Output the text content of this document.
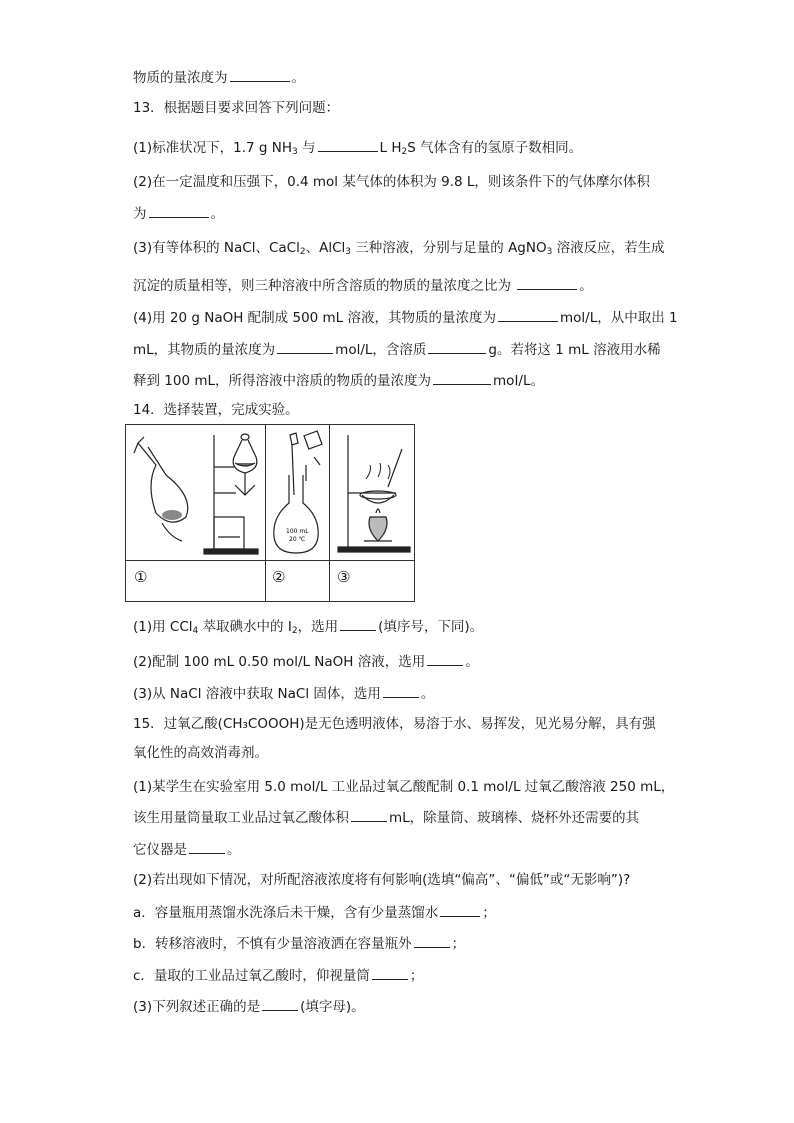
物质的量浓度为	。
13．根据题目要求回答下列问题：
(1)标准状况下，1.7 g $NH_3$ 与	L $H_2S$ 气体含有的氢原子数相同。
(2)在一定温度和压强下，0.4 mol 某气体的体积为 9.8 L，则该条件下的气体摩尔体积
为	。
(3)有等体积的 NaCl、CaCl$_2$、AlCl$_3$ 三种溶液，分别与足量的 AgNO$_3$ 溶液反应，若生成
沉淀的质量相等，则三种溶液中所含溶质的物质的量浓度之比为	。
(4)用 20 g NaOH 配制成 500 mL 溶液，其物质的量浓度为	mol/L，从中取出 1
mL，其物质的量浓度为	mol/L，含溶质	g。若将这 1 mL 溶液用水稀
释到 100 mL，所得溶液中溶质的物质的量浓度为	moI/L。
14．选择装置，完成实验。
100 mL
20 ℃
①	②	③
(1)用 CCl$_4$ 萃取碘水中的 $I_2$，选用	(填序号，下同)。
(2)配制 100 mL 0.50 mol/L NaOH 溶液，选用	。
(3)从 NaCl 溶液中获取 NaCl 固体，选用	。
15．过氧乙酸(CH₃COOOH)是无色透明液体，易溶于水、易挥发，见光易分解，具有强
氧化性的高效消毒剂。
(1)某学生在实验室用 5.0 mol/L 工业品过氧乙酸配制 0.1 mol/L 过氧乙酸溶液 250 mL，
该生用量筒量取工业品过氧乙酸体积	mL，除量筒、玻璃棒、烧杯外还需要的其
它仪器是	。
(2)若出现如下情况，对所配溶液浓度将有何影响(选填“偏高”、“偏低”或“无影响”)?
a．容量瓶用蒸馏水洗涤后未干燥，含有少量蒸馏水	；
b．转移溶液时，不慎有少量溶液洒在容量瓶外	；
c．量取的工业品过氧乙酸时，仰视量筒	；
(3)下列叙述正确的是	(填字母)。
